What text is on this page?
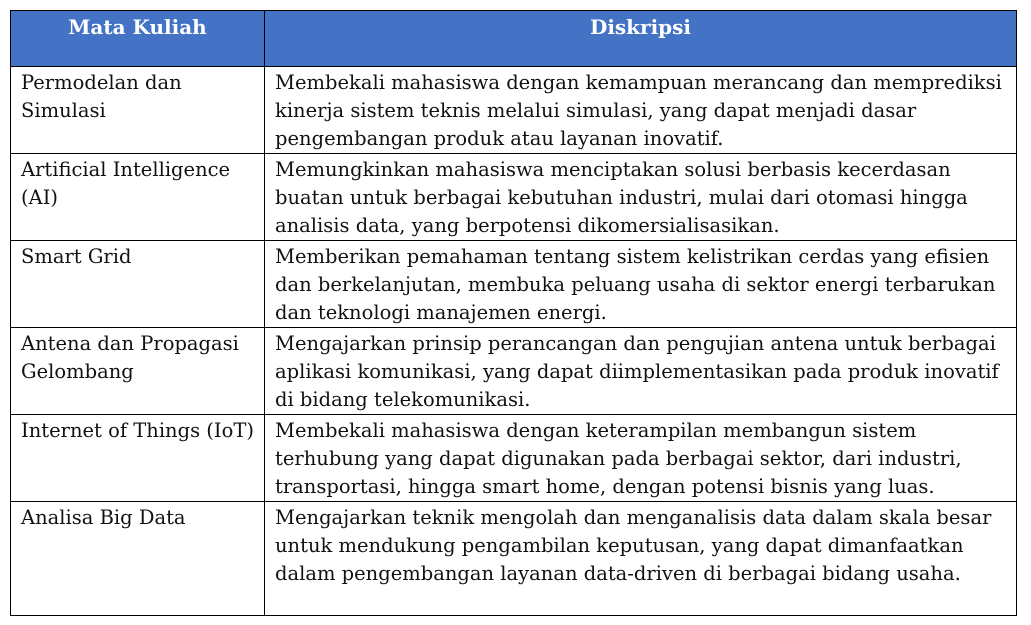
Mata Kuliah	Diskripsi
Permodelan dan Simulasi	Membekali mahasiswa dengan kemampuan merancang dan memprediksi kinerja sistem teknis melalui simulasi, yang dapat menjadi dasar pengembangan produk atau layanan inovatif.
Artificial Intelligence (AI)	Memungkinkan mahasiswa menciptakan solusi berbasis kecerdasan buatan untuk berbagai kebutuhan industri, mulai dari otomasi hingga analisis data, yang berpotensi dikomersialisasikan.
Smart Grid	Memberikan pemahaman tentang sistem kelistrikan cerdas yang efisien dan berkelanjutan, membuka peluang usaha di sektor energi terbarukan dan teknologi manajemen energi.
Antena dan Propagasi Gelombang	Mengajarkan prinsip perancangan dan pengujian antena untuk berbagai aplikasi komunikasi, yang dapat diimplementasikan pada produk inovatif di bidang telekomunikasi.
Internet of Things (IoT)	Membekali mahasiswa dengan keterampilan membangun sistem terhubung yang dapat digunakan pada berbagai sektor, dari industri, transportasi, hingga smart home, dengan potensi bisnis yang luas.
Analisa Big Data	Mengajarkan teknik mengolah dan menganalisis data dalam skala besar untuk mendukung pengambilan keputusan, yang dapat dimanfaatkan dalam pengembangan layanan data-driven di berbagai bidang usaha.
